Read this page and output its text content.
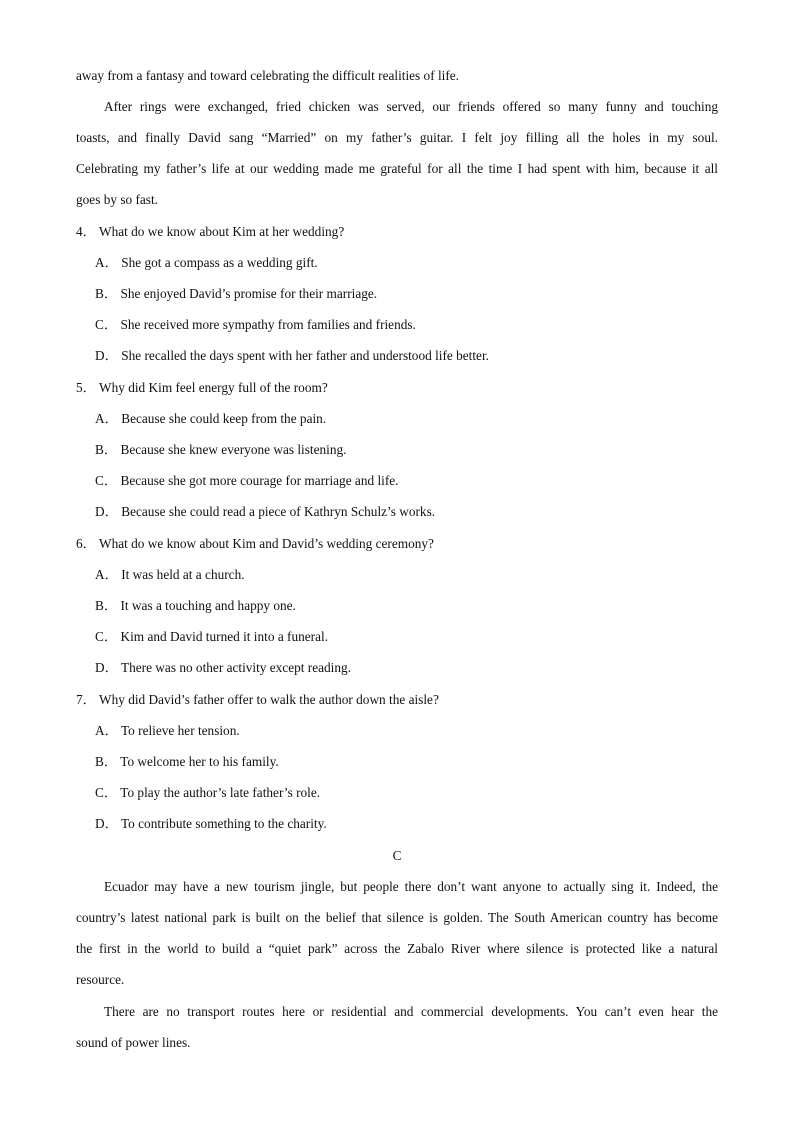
away from a fantasy and toward celebrating the difficult realities of life.
After rings were exchanged, fried chicken was served, our friends offered so many funny and touching
toasts, and finally David sang “Married” on my father’s guitar. I felt joy filling all the holes in my soul.
Celebrating my father’s life at our wedding made me grateful for all the time I had spent with him, because it all
goes by so fast.
4． What do we know about Kim at her wedding?
A． She got a compass as a wedding gift.
B． She enjoyed David’s promise for their marriage.
C． She received more sympathy from families and friends.
D． She recalled the days spent with her father and understood life better.
5． Why did Kim feel energy full of the room?
A． Because she could keep from the pain.
B． Because she knew everyone was listening.
C． Because she got more courage for marriage and life.
D． Because she could read a piece of Kathryn Schulz’s works.
6． What do we know about Kim and David’s wedding ceremony?
A． It was held at a church.
B． It was a touching and happy one.
C． Kim and David turned it into a funeral.
D． There was no other activity except reading.
7． Why did David’s father offer to walk the author down the aisle?
A． To relieve her tension.
B． To welcome her to his family.
C． To play the author’s late father’s role.
D． To contribute something to the charity.
C
Ecuador may have a new tourism jingle, but people there don’t want anyone to actually sing it. Indeed, the
country’s latest national park is built on the belief that silence is golden. The South American country has become
the first in the world to build a “quiet park” across the Zabalo River where silence is protected like a natural
resource.
There are no transport routes here or residential and commercial developments. You can’t even hear the
sound of power lines.
